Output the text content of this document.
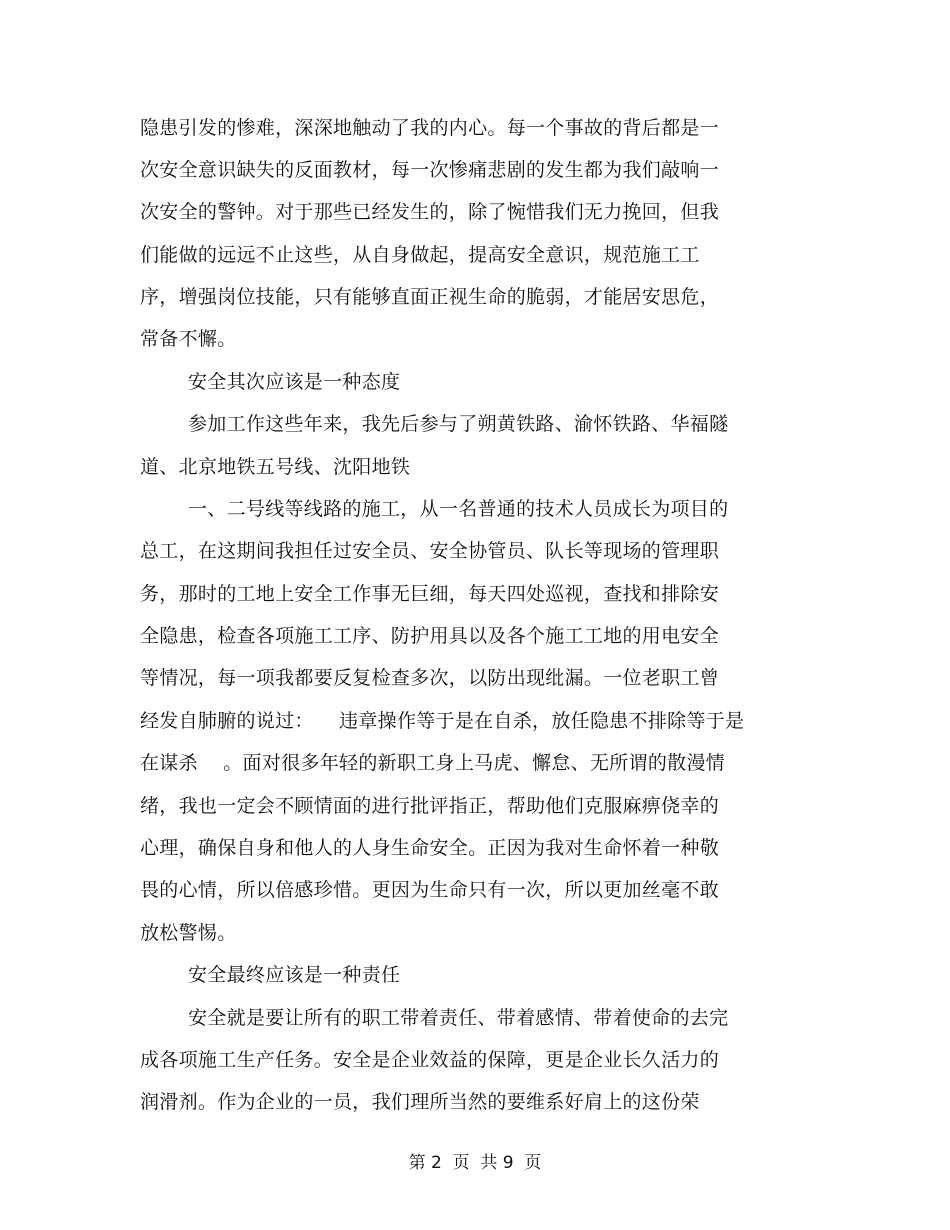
隐患引发的惨难，深深地触动了我的内心。每一个事故的背后都是一
次安全意识缺失的反面教材，每一次惨痛悲剧的发生都为我们敲响一
次安全的警钟。对于那些已经发生的，除了惋惜我们无力挽回，但我
们能做的远远不止这些，从自身做起，提高安全意识，规范施工工
序，增强岗位技能，只有能够直面正视生命的脆弱，才能居安思危，
常备不懈。
安全其次应该是一种态度
参加工作这些年来，我先后参与了朔黄铁路、渝怀铁路、华福隧
道、北京地铁五号线、沈阳地铁
一、二号线等线路的施工，从一名普通的技术人员成长为项目的
总工，在这期间我担任过安全员、安全协管员、队长等现场的管理职
务，那时的工地上安全工作事无巨细，每天四处巡视，查找和排除安
全隐患，检查各项施工工序、防护用具以及各个施工工地的用电安全
等情况，每一项我都要反复检查多次，以防出现纰漏。一位老职工曾
经发自肺腑的说过：    违章操作等于是在自杀，放任隐患不排除等于是
在谋杀    。面对很多年轻的新职工身上马虎、懈怠、无所谓的散漫情
绪，我也一定会不顾情面的进行批评指正，帮助他们克服麻痹侥幸的
心理，确保自身和他人的人身生命安全。正因为我对生命怀着一种敬
畏的心情，所以倍感珍惜。更因为生命只有一次，所以更加丝毫不敢
放松警惕。
安全最终应该是一种责任
安全就是要让所有的职工带着责任、带着感情、带着使命的去完
成各项施工生产任务。安全是企业效益的保障，更是企业长久活力的
润滑剂。作为企业的一员，我们理所当然的要维系好肩上的这份荣
第 2  页  共 9  页
